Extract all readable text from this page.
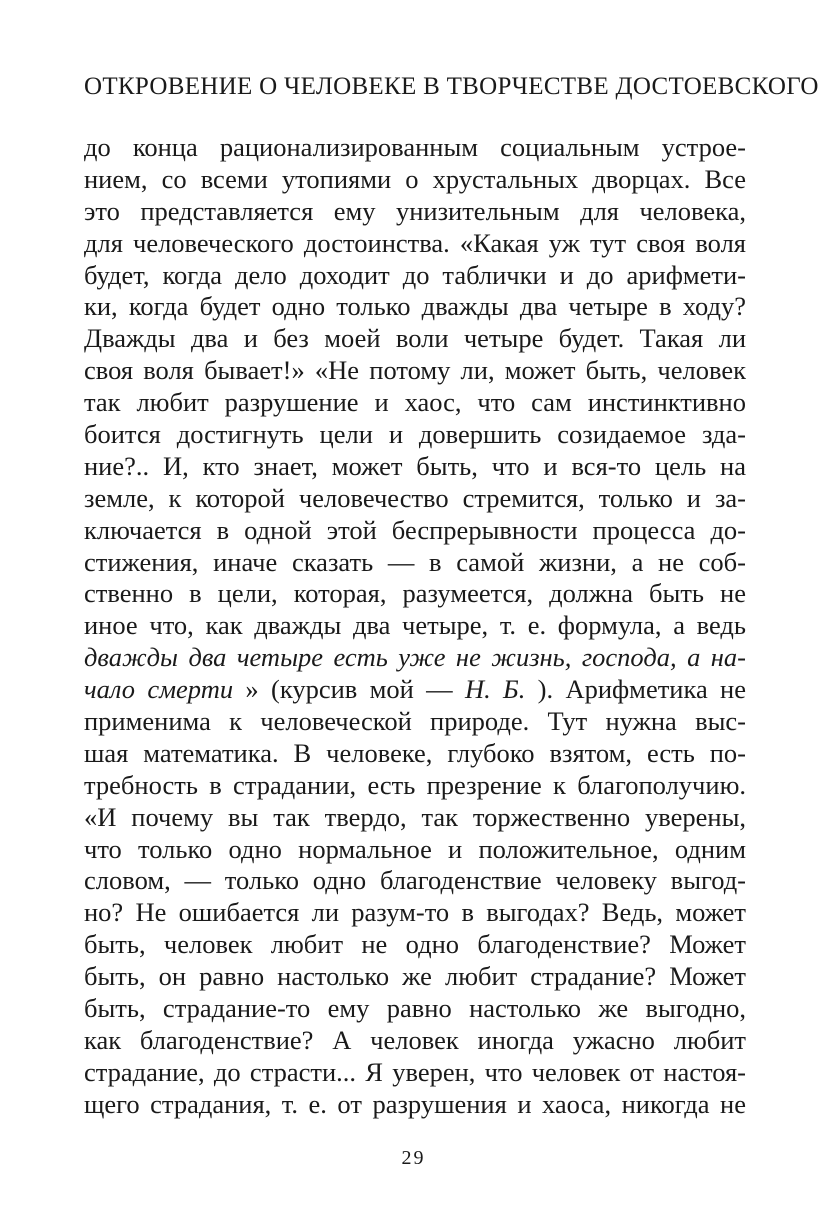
ОТКРОВЕНИЕ О ЧЕЛОВЕКЕ В ТВОРЧЕСТВЕ ДОСТОЕВСКОГО
до конца рационализированным социальным устрое-
нием, со всеми утопиями о хрустальных дворцах. Все
это представляется ему унизительным для человека,
для человеческого достоинства. «Какая уж тут своя воля
будет, когда дело доходит до таблички и до арифмети-
ки, когда будет одно только дважды два четыре в ходу?
Дважды два и без моей воли четыре будет. Такая ли
своя воля бывает!» «Не потому ли, может быть, человек
так любит разрушение и хаос, что сам инстинктивно
боится достигнуть цели и довершить созидаемое зда-
ние?.. И, кто знает, может быть, что и вся-то цель на
земле, к которой человечество стремится, только и за-
ключается в одной этой беспрерывности процесса до-
стижения, иначе сказать — в самой жизни, а не соб-
ственно в цели, которая, разумеется, должна быть не
иное что, как дважды два четыре, т. е. формула, а ведь
дважды два четыре есть уже не жизнь, господа, а на-
чало смерти » (курсив мой — Н. Б. ). Арифметика не
применима к человеческой природе. Тут нужна выс-
шая математика. В человеке, глубоко взятом, есть по-
требность в страдании, есть презрение к благополучию.
«И почему вы так твердо, так торжественно уверены,
что только одно нормальное и положительное, одним
словом, — только одно благоденствие человеку выгод-
но? Не ошибается ли разум-то в выгодах? Ведь, может
быть, человек любит не одно благоденствие? Может
быть, он равно настолько же любит страдание? Может
быть, страдание-то ему равно настолько же выгодно,
как благоденствие? А человек иногда ужасно любит
страдание, до страсти... Я уверен, что человек от настоя-
щего страдания, т. е. от разрушения и хаоса, никогда не
29
